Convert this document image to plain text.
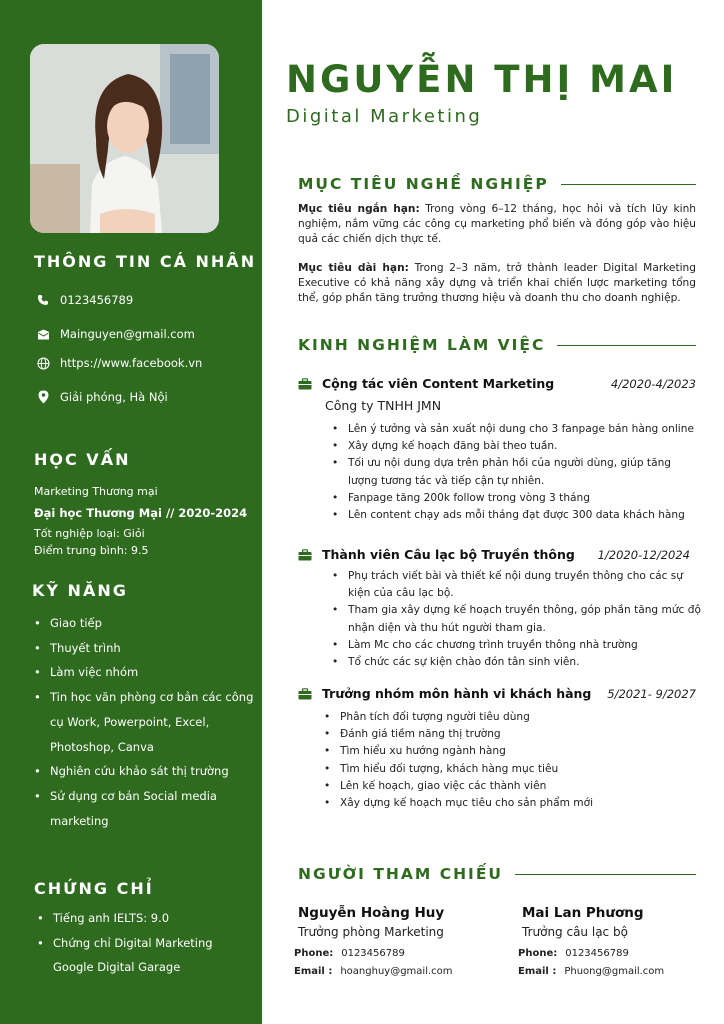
THÔNG TIN CÁ NHÂN
0123456789
Mainguyen@gmail.com
https://www.facebook.vn
Giải phóng, Hà Nội
HỌC VẤN
Marketing Thương mại
Đại học Thương Mại // 2020-2024
Tốt nghiệp loại: Giỏi
Điểm trung bình: 9.5
KỸ NĂNG
• Giao tiếp
• Thuyết trình
• Làm việc nhóm
• Tin học văn phòng cơ bản các công cụ Work, Powerpoint, Excel, Photoshop, Canva
• Nghiên cứu khảo sát thị trường
• Sử dụng cơ bản Social media marketing
CHỨNG CHỈ
• Tiếng anh IELTS: 9.0
• Chứng chỉ Digital Marketing Google Digital Garage
NGUYỄN THỊ MAI
Digital Marketing
MỤC TIÊU NGHỀ NGHIỆP
Mục tiêu ngắn hạn: Trong vòng 6–12 tháng, học hỏi và tích lũy kinh nghiệm, nắm vững các công cụ marketing phổ biến và đóng góp vào hiệu quả các chiến dịch thực tế.
Mục tiêu dài hạn: Trong 2–3 năm, trở thành leader Digital Marketing Executive có khả năng xây dựng và triển khai chiến lược marketing tổng thể, góp phần tăng trưởng thương hiệu và doanh thu cho doanh nghiệp.
KINH NGHIỆM LÀM VIỆC
Cộng tác viên Content Marketing	4/2020-4/2023
Công ty TNHH JMN
• Lên ý tưởng và sản xuất nội dung cho 3 fanpage bán hàng online
• Xây dựng kế hoạch đăng bài theo tuần.
• Tối ưu nội dung dựa trên phản hồi của người dùng, giúp tăng lượng tương tác và tiếp cận tự nhiên.
• Fanpage tăng 200k follow trong vòng 3 tháng
• Lên content chạy ads mỗi tháng đạt được 300 data khách hàng
Thành viên Câu lạc bộ Truyền thông 1/2020-12/2024
• Phụ trách viết bài và thiết kế nội dung truyền thông cho các sự kiện của câu lạc bộ.
• Tham gia xây dựng kế hoạch truyền thông, góp phần tăng mức độ nhận diện và thu hút người tham gia.
• Làm Mc cho các chương trình truyền thông nhà trường
• Tổ chức các sự kiện chào đón tân sinh viên.
Trưởng nhóm môn hành vi khách hàng 5/2021- 9/2027
• Phân tích đối tượng người tiêu dùng
• Đánh giá tiềm năng thị trường
• Tìm hiểu xu hướng ngành hàng
• Tìm hiểu đối tượng, khách hàng mục tiêu
• Lên kế hoạch, giao việc các thành viên
• Xây dựng kế hoạch mục tiêu cho sản phẩm mới
NGƯỜI THAM CHIẾU
Nguyễn Hoàng Huy
Trưởng phòng Marketing
Phone: 0123456789
Email : hoanghuy@gmail.com
Mai Lan Phương
Trưởng câu lạc bộ
Phone: 0123456789
Email : Phuong@gmail.com
